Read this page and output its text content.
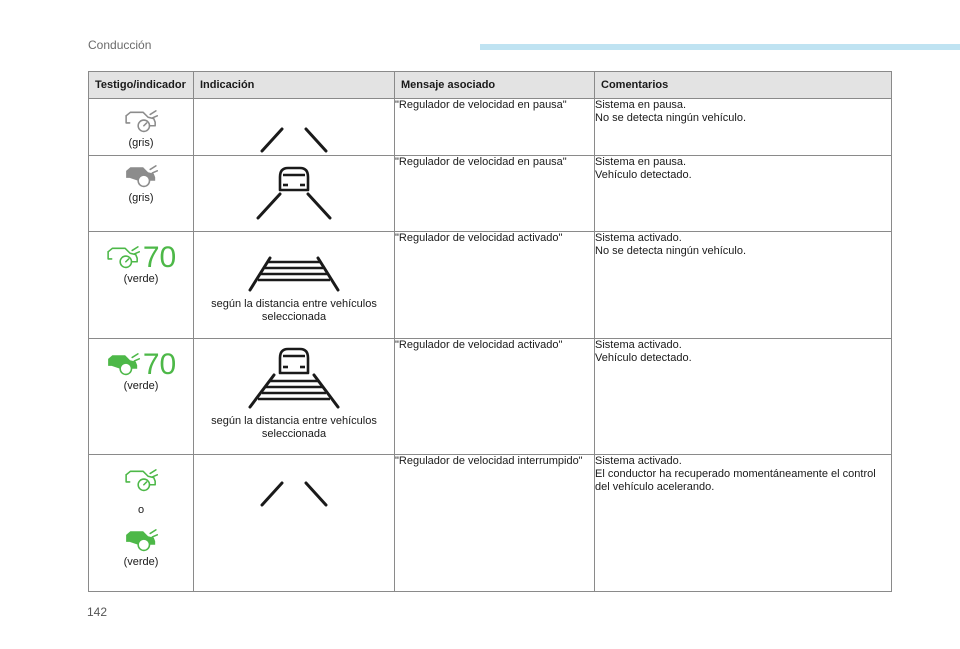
Conducción
Testigo/indicador	Indicación	Mensaje asociado	Comentarios

(gris)		"Regulador de velocidad en pausa"	Sistema en pausa.
No se detecta ningún vehículo.

(gris)		"Regulador de velocidad en pausa"	Sistema en pausa.
Vehículo detectado.

70
(verde)	según la distancia entre vehículos seleccionada	"Regulador de velocidad activado"	Sistema activado.
No se detecta ningún vehículo.

70
(verde)	según la distancia entre vehículos seleccionada	"Regulador de velocidad activado"	Sistema activado.
Vehículo detectado.

o
(verde)		"Regulador de velocidad interrumpido"	Sistema activado.
El conductor ha recuperado momentáneamente el control del vehículo acelerando.
142
